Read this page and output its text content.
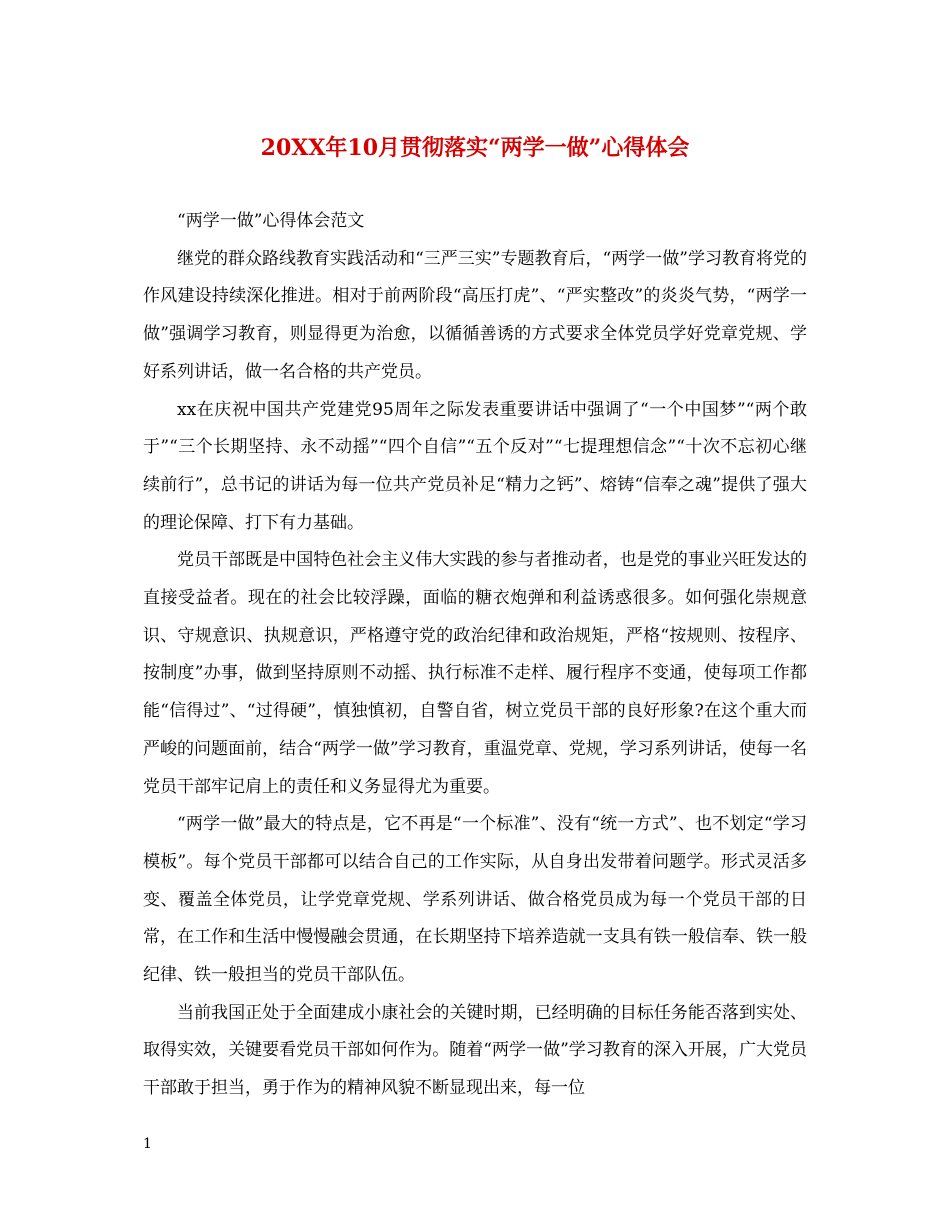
20XX年10月贯彻落实“两学一做”心得体会

“两学一做”心得体会范文

继党的群众路线教育实践活动和“三严三实”专题教育后，“两学一做”学习教育将党的作风建设持续深化推进。相对于前两阶段“高压打虎”、“严实整改”的炎炎气势，“两学一做”强调学习教育，则显得更为治愈，以循循善诱的方式要求全体党员学好党章党规、学好系列讲话，做一名合格的共产党员。

xx在庆祝中国共产党建党95周年之际发表重要讲话中强调了“一个中国梦”“两个敢于”“三个长期坚持、永不动摇”“四个自信”“五个反对”“七提理想信念”“十次不忘初心继续前行”，总书记的讲话为每一位共产党员补足“精力之钙”、熔铸“信奉之魂”提供了强大的理论保障、打下有力基础。

党员干部既是中国特色社会主义伟大实践的参与者推动者，也是党的事业兴旺发达的直接受益者。现在的社会比较浮躁，面临的糖衣炮弹和利益诱惑很多。如何强化崇规意识、守规意识、执规意识，严格遵守党的政治纪律和政治规矩，严格“按规则、按程序、按制度”办事，做到坚持原则不动摇、执行标准不走样、履行程序不变通，使每项工作都能“信得过”、“过得硬”，慎独慎初，自警自省，树立党员干部的良好形象?在这个重大而严峻的问题面前，结合“两学一做”学习教育，重温党章、党规，学习系列讲话，使每一名党员干部牢记肩上的责任和义务显得尤为重要。

“两学一做”最大的特点是，它不再是“一个标准”、没有“统一方式”、也不划定“学习模板”。每个党员干部都可以结合自己的工作实际，从自身出发带着问题学。形式灵活多变、覆盖全体党员，让学党章党规、学系列讲话、做合格党员成为每一个党员干部的日常，在工作和生活中慢慢融会贯通，在长期坚持下培养造就一支具有铁一般信奉、铁一般纪律、铁一般担当的党员干部队伍。

当前我国正处于全面建成小康社会的关键时期，已经明确的目标任务能否落到实处、取得实效，关键要看党员干部如何作为。随着“两学一做”学习教育的深入开展，广大党员干部敢于担当，勇于作为的精神风貌不断显现出来，每一位

1
